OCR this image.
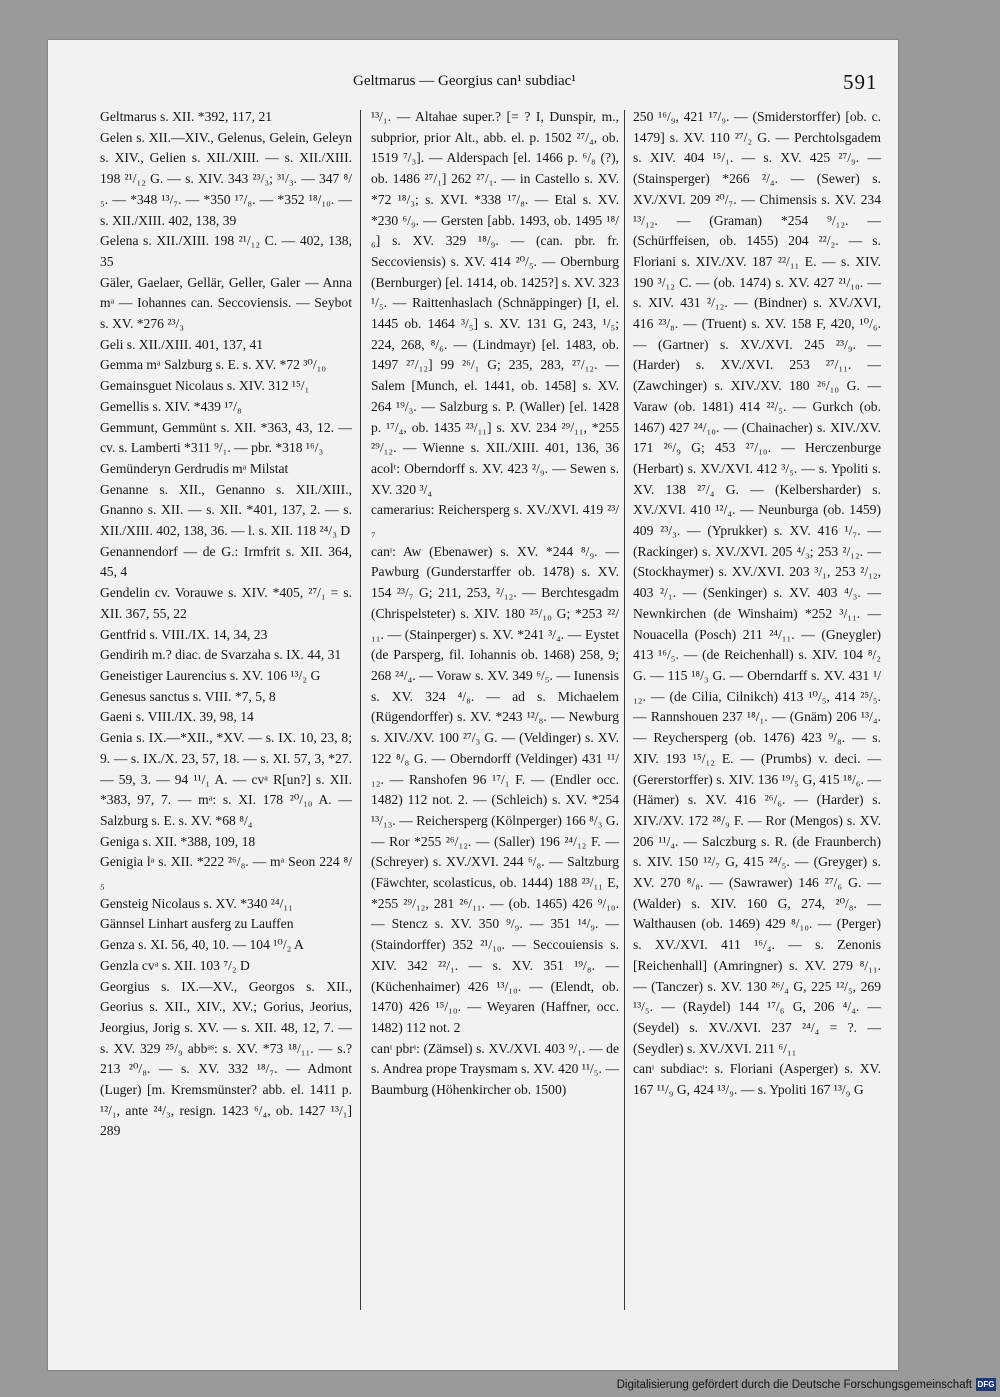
Geltmarus — Georgius can¹ subdiac¹	591

Geltmarus s. XII. *392, 117, 21

Gelen s. XII.—XIV., Gelenus, Gelein, Geleyn s. XIV., Gelien s. XII./XIII. — s. XII./XIII. 198 ²¹/₁₂ G. — s. XIV. 343 ²³/₃; ³¹/₃. — 347 ⁸/₅. — *348 ¹³/₇. — *350 ¹⁷/₈. — *352 ¹⁸/₁₀. — s. XII./XIII. 402, 138, 39

Gelena s. XII./XIII. 198 ²¹/₁₂ C. — 402, 138, 35

Gäler, Gaelaer, Gellär, Geller, Galer — Anna mᵃ — Iohannes can. Seccoviensis. — Seybot s. XV. *276 ²³/₃

Geli s. XII./XIII. 401, 137, 41

Gemma mᵃ Salzburg s. E. s. XV. *72 ³⁰/₁₀

Gemainsguet Nicolaus s. XIV. 312 ¹⁵/₁

Gemellis s. XIV. *439 ¹⁷/₈

Gemmunt, Gemmünt s. XII. *363, 43, 12. — cv. s. Lamberti *311 ⁹/₁. — pbr. *318 ¹⁶/₃

Gemünderyn Gerdrudis mᵃ Milstat

Genanne s. XII., Genanno s. XII./XIII., Gnanno s. XII. — s. XII. *401, 137, 2. — s. XII./XIII. 402, 138, 36. — l. s. XII. 118 ²⁴/₃ D

Genannendorf — de G.: Irmfrit s. XII. 364, 45, 4

Gendelin cv. Vorauwe s. XIV. *405, ²⁷/₁ = s. XII. 367, 55, 22

Gentfrid s. VIII./IX. 14, 34, 23

Gendirih m.? diac. de Svarzaha s. IX. 44, 31

Geneistiger Laurencius s. XV. 106 ¹³/₂ G

Genesus sanctus s. VIII. *7, 5, 8

Gaeni s. VIII./IX. 39, 98, 14

Genia s. IX.—*XII., *XV. — s. IX. 10, 23, 8; 9. — s. IX./X. 23, 57, 18. — s. XI. 57, 3, *27. — 59, 3. — 94 ¹¹/₁ A. — cvᵃ R[un?] s. XII. *383, 97, 7. — mᵃ: s. XI. 178 ²⁰/₁₀ A. — Salzburg s. E. s. XV. *68 ⁸/₄

Geniga s. XII. *388, 109, 18

Genigia lᵃ s. XII. *222 ²⁶/₈. — mᵃ Seon 224 ⁸/₅

Gensteig Nicolaus s. XV. *340 ²⁴/₁₁

Gännsel Linhart ausferg zu Lauffen

Genza s. XI. 56, 40, 10. — 104 ¹⁰/₂ A

Genzla cvᵃ s. XII. 103 ⁷/₂ D

Georgius s. IX.—XV., Georgos s. XII., Georius s. XII., XIV., XV.; Gorius, Jeorius, Jeorgius, Jorig s. XV. — s. XII. 48, 12, 7. — s. XV. 329 ²⁵/₉ abbᵃˢ: s. XV. *73 ¹⁸/₁₁. — s.? 213 ²⁰/₈. — s. XV. 332 ¹⁸/₇. — Admont (Luger) [m. Kremsmünster? abb. el. 1411 p. ¹²/₁, ante ²⁴/₃, resign. 1423 ⁶/₄, ob. 1427 ¹³/₁] 289

¹³/₁. — Altahae super.? [= ? I, Dunspir, m., subprior, prior Alt., abb. el. p. 1502 ²⁷/₄, ob. 1519 ⁷/₃]. — Alderspach [el. 1466 p. ⁶/₈ (?), ob. 1486 ²⁷/₁] 262 ²⁷/₁. — in Castello s. XV. *72 ¹⁸/₃; s. XVI. *338 ¹⁷/₈. — Etal s. XV. *230 ⁶/₉. — Gersten [abb. 1493, ob. 1495 ¹⁸/₆] s. XV. 329 ¹⁸/₉. — (can. pbr. fr. Seccoviensis) s. XV. 414 ²⁰/₅. — Obernburg (Bernburger) [el. 1414, ob. 1425?] s. XV. 323 ¹/₅. — Raittenhaslach (Schnäppinger) [I, el. 1445 ob. 1464 ³/₅] s. XV. 131 G, 243, ¹/₅; 224, 268, ⁸/₆. — (Lindmayr) [el. 1483, ob. 1497 ²⁷/₁₂] 99 ²⁶/₁ G; 235, 283, ²⁷/₁₂. — Salem [Munch, el. 1441, ob. 1458] s. XV. 264 ¹⁹/₃. — Salzburg s. P. (Waller) [el. 1428 p. ¹⁷/₄, ob. 1435 ²³/₁₁] s. XV. 234 ²⁹/₁₁, *255 ²⁹/₁₂. — Wienne s. XII./XIII. 401, 136, 36 acolᵗ: Oberndorff s. XV. 423 ²/₉. — Sewen s. XV. 320 ³/₄

camerarius: Reichersperg s. XV./XVI. 419 ²³/₇

canᶦ: Aw (Ebenawer) s. XV. *244 ⁸/₉. — Pawburg (Gunderstarffer ob. 1478) s. XV. 154 ²³/₇ G; 211, 253, ²/₁₂. — Berchtesgadm (Chrispelsteter) s. XIV. 180 ²⁵/₁₀ G; *253 ²²/₁₁. — (Stainperger) s. XV. *241 ³/₄. — Eystet (de Parsperg, fil. Iohannis ob. 1468) 258, 9; 268 ²⁴/₄. — Voraw s. XV. 349 ⁶/₅. — Iunensis s. XV. 324 ⁴/₈. — ad s. Michaelem (Rügendorffer) s. XV. *243 ¹²/₈. — Newburg s. XIV./XV. 100 ²⁷/₃ G. — (Veldinger) s. XV. 122 ⁸/₈ G. — Oberndorff (Veldinger) 431 ¹¹/₁₂. — Ranshofen 96 ¹⁷/₁ F. — (Endler occ. 1482) 112 not. 2. — (Schleich) s. XV. *254 ¹³/₁₃. — Reichersperg (Kölnperger) 166 ⁸/₃ G. — Ror *255 ²⁶/₁₂. — (Saller) 196 ²⁴/₁₂ F. — (Schreyer) s. XV./XVI. 244 ⁶/₈. — Saltzburg (Fäwchter, scolasticus, ob. 1444) 188 ²³/₁₁ E, *255 ²⁹/₁₂, 281 ²⁶/₁₁. — (ob. 1465) 426 ⁹/₁₀. — Stencz s. XV. 350 ⁹/₉. — 351 ¹⁴/₉. — (Staindorffer) 352 ²¹/₁₀. — Seccouiensis s. XIV. 342 ²²/₁. — s. XV. 351 ¹⁹/₈. — (Küchenhaimer) 426 ¹³/₁₀. — (Elendt, ob. 1470) 426 ¹⁵/₁₀. — Weyaren (Haffner, occ. 1482) 112 not. 2

canᶦ pbrᶦ: (Zämsel) s. XV./XVI. 403 ⁹/₁. — de s. Andrea prope Traysmam s. XV. 420 ¹¹/₅. — Baumburg (Höhenkircher ob. 1500)

250 ¹⁶/₉, 421 ¹⁷/₉. — (Smiderstorffer) [ob. c. 1479] s. XV. 110 ²⁷/₂ G. — Perchtolsgadem s. XIV. 404 ¹⁵/₁. — s. XV. 425 ²⁷/₉. — (Stainsperger) *266 ²/₄. — (Sewer) s. XV./XVI. 209 ²⁰/₇. — Chimensis s. XV. 234 ¹³/₁₂. — (Graman) *254 ⁹/₁₂. — (Schürffeisen, ob. 1455) 204 ²²/₂. — s. Floriani s. XIV./XV. 187 ²²/₁₁ E. — s. XIV. 190 ³/₁₂ C. — (ob. 1474) s. XV. 427 ²¹/₁₀. — s. XIV. 431 ²/₁₂. — (Bindner) s. XV./XVI, 416 ²³/₈. — (Truent) s. XV. 158 F, 420, ¹⁰/₆. — (Gartner) s. XV./XVI. 245 ²³/₉. — (Harder) s. XV./XVI. 253 ²⁷/₁₁. — (Zawchinger) s. XIV./XV. 180 ²⁶/₁₀ G. — Varaw (ob. 1481) 414 ²²/₅. — Gurkch (ob. 1467) 427 ²⁴/₁₀. — (Chainacher) s. XIV./XV. 171 ²⁶/₉ G; 453 ²⁷/₁₀. — Herczenburge (Herbart) s. XV./XVI. 412 ³/₅. — s. Ypoliti s. XV. 138 ²⁷/₄ G. — (Kelbersharder) s. XV./XVI. 410 ¹²/₄. — Neunburga (ob. 1459) 409 ²³/₃. — (Yprukker) s. XV. 416 ¹/₇. — (Rackinger) s. XV./XVI. 205 ⁴/₃; 253 ²/₁₂. — (Stockhaymer) s. XV./XVI. 203 ³/₁, 253 ²/₁₂, 403 ²/₁. — (Senkinger) s. XV. 403 ⁴/₃. — Newnkirchen (de Winshaim) *252 ³/₁₁. — Nouacella (Posch) 211 ²⁴/₁₁. — (Gneygler) 413 ¹⁶/₅. — (de Reichenhall) s. XIV. 104 ⁸/₂ G. — 115 ¹⁸/₃ G. — Oberndarff s. XV. 431 ¹/₁₂. — (de Cilia, Cilnikch) 413 ¹⁰/₅, 414 ²⁵/₅. — Rannshouen 237 ¹⁸/₁. — (Gnäm) 206 ¹³/₄. — Reychersperg (ob. 1476) 423 ⁹/₈. — s. XIV. 193 ¹⁵/₁₂ E. — (Prumbs) v. deci. — (Gererstorffer) s. XIV. 136 ¹⁹/₅ G, 415 ¹⁸/₆. — (Hämer) s. XV. 416 ²⁶/₆. — (Harder) s. XIV./XV. 172 ²⁸/₉ F. — Ror (Mengos) s. XV. 206 ¹¹/₄. — Salczburg s. R. (de Fraunberch) s. XIV. 150 ¹²/₇ G, 415 ²⁴/₅. — (Greyger) s. XV. 270 ⁸/₈. — (Sawrawer) 146 ²⁷/₆ G. — (Walder) s. XIV. 160 G, 274, ²⁰/₈. — Walthausen (ob. 1469) 429 ⁸/₁₀. — (Perger) s. XV./XVI. 411 ¹⁶/₄. — s. Zenonis [Reichenhall] (Amringner) s. XV. 279 ⁸/₁₁. — (Tanczer) s. XV. 130 ²⁶/₄ G, 225 ¹²/₅, 269 ¹³/₅. — (Raydel) 144 ¹⁷/₆ G, 206 ⁴/₄. — (Seydel) s. XV./XVI. 237 ²⁴/₄ = ?. — (Seydler) s. XV./XVI. 211 ⁶/₁₁

canᶦ subdiacᶦ: s. Floriani (Asperger) s. XV. 167 ¹¹/₉ G, 424 ¹³/₉. — s. Ypoliti 167 ¹³/₉ G

Digitalisierung gefördert durch die Deutsche Forschungsgemeinschaft DFG
